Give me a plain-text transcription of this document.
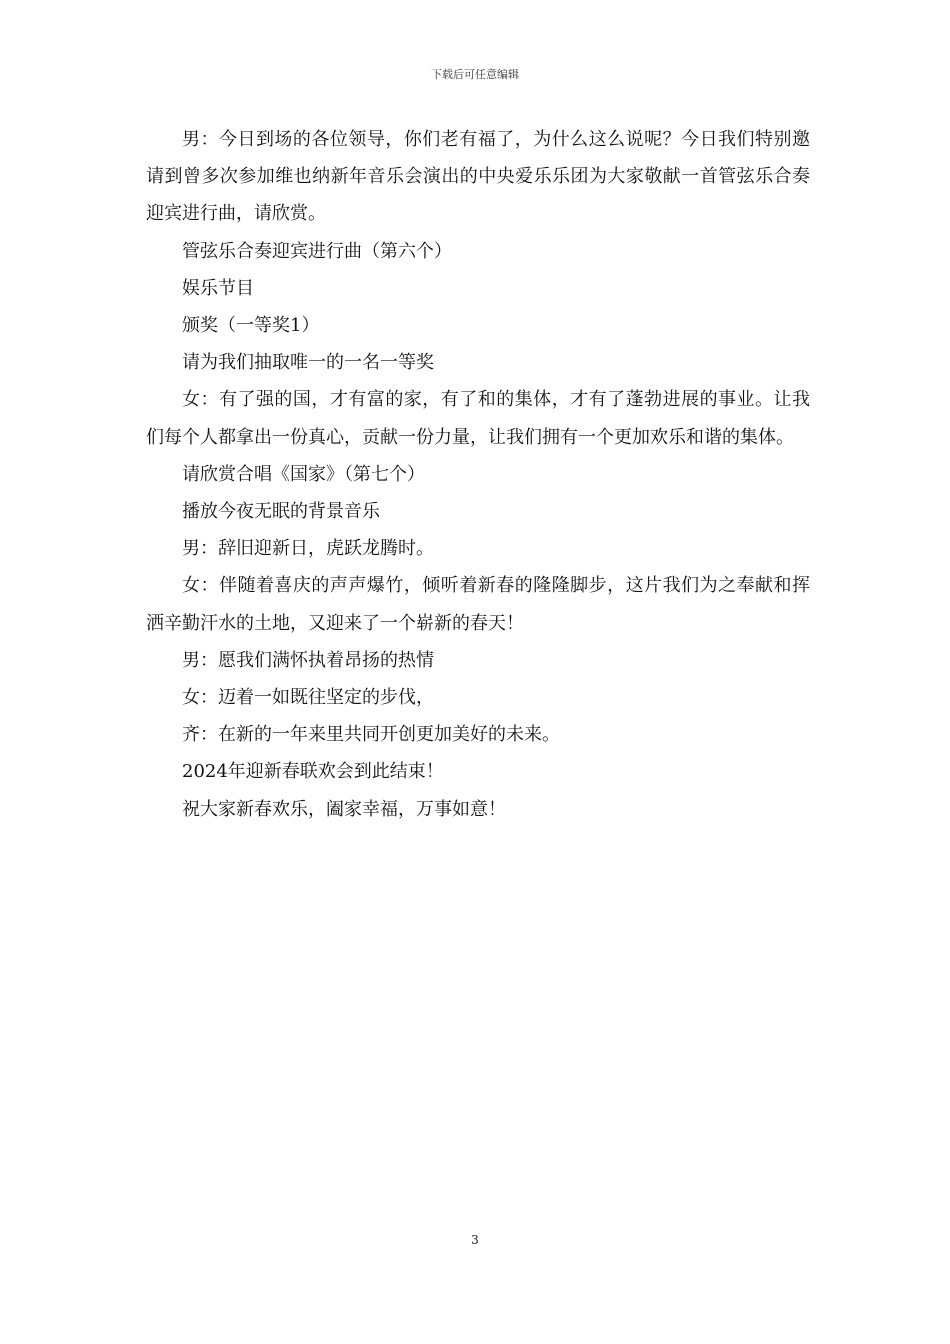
下载后可任意编辑

男：今日到场的各位领导，你们老有福了，为什么这么说呢？今日我们特别邀请到曾多次参加维也纳新年音乐会演出的中央爱乐乐团为大家敬献一首管弦乐合奏迎宾进行曲，请欣赏。

管弦乐合奏迎宾进行曲（第六个）

娱乐节目

颁奖（一等奖1）

请为我们抽取唯一的一名一等奖

女：有了强的国，才有富的家，有了和的集体，才有了蓬勃进展的事业。让我们每个人都拿出一份真心，贡献一份力量，让我们拥有一个更加欢乐和谐的集体。

请欣赏合唱《国家》（第七个）

播放今夜无眠的背景音乐

男：辞旧迎新日，虎跃龙腾时。

女：伴随着喜庆的声声爆竹，倾听着新春的隆隆脚步，这片我们为之奉献和挥洒辛勤汗水的土地，又迎来了一个崭新的春天！

男：愿我们满怀执着昂扬的热情

女：迈着一如既往坚定的步伐，

齐：在新的一年来里共同开创更加美好的未来。

2024年迎新春联欢会到此结束！

祝大家新春欢乐，阖家幸福，万事如意！

3
